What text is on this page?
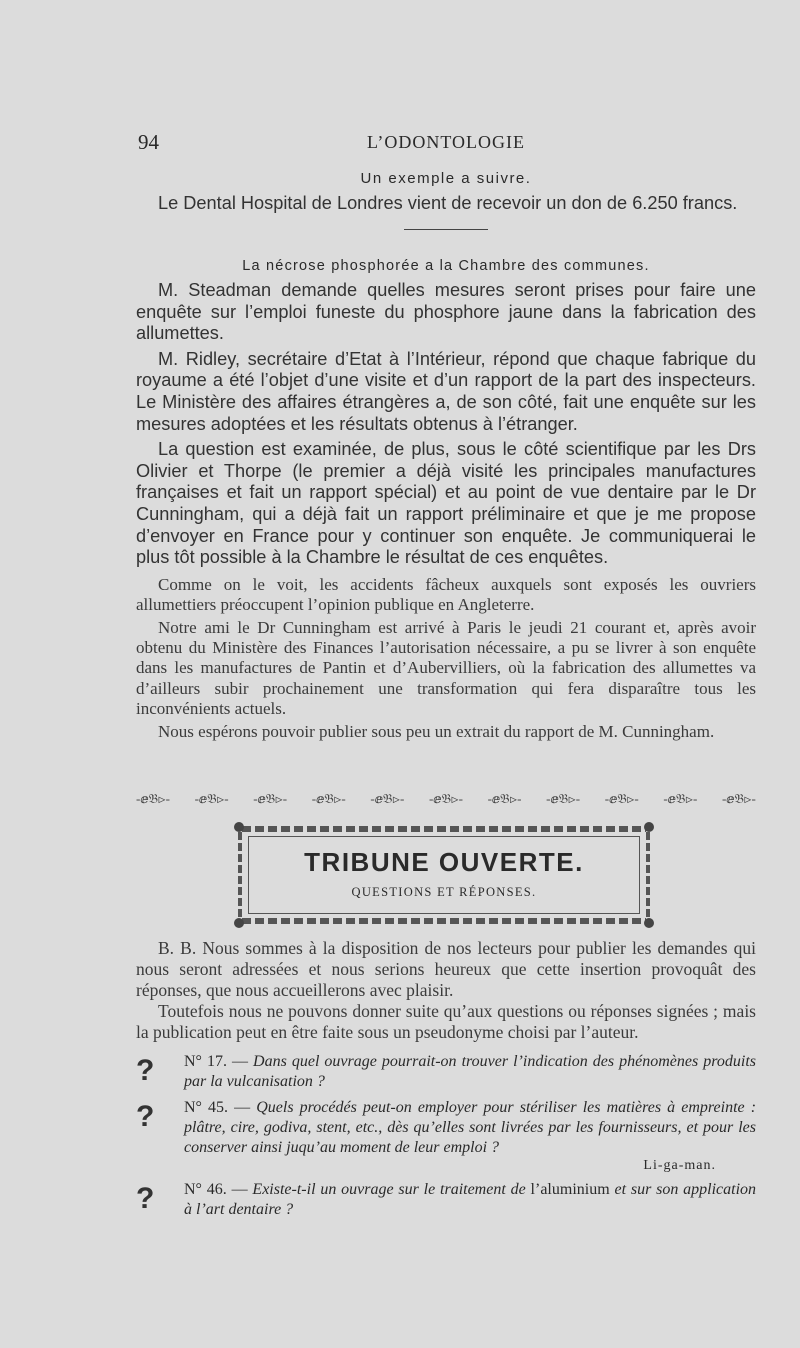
94	L’ODONTOLOGIE
Un exemple a suivre.

Le Dental Hospital de Londres vient de recevoir un don de 6.250 francs.

La nécrose phosphorée a la Chambre des communes.

M. Steadman demande quelles mesures seront prises pour faire une enquête sur l’emploi funeste du phosphore jaune dans la fabrication des allumettes.

M. Ridley, secrétaire d’Etat à l’Intérieur, répond que chaque fabrique du royaume a été l’objet d’une visite et d’un rapport de la part des inspecteurs. Le Ministère des affaires étrangères a, de son côté, fait une enquête sur les mesures adoptées et les résultats obtenus à l’étranger.

La question est examinée, de plus, sous le côté scientifique par les Drs Olivier et Thorpe (le premier a déjà visité les principales manufactures françaises et fait un rapport spécial) et au point de vue dentaire par le Dr Cunningham, qui a déjà fait un rapport préliminaire et que je me propose d’envoyer en France pour y continuer son enquête. Je communiquerai le plus tôt possible à la Chambre le résultat de ces enquêtes.

Comme on le voit, les accidents fâcheux auxquels sont exposés les ouvriers allumettiers préoccupent l’opinion publique en Angleterre.

Notre ami le Dr Cunningham est arrivé à Paris le jeudi 21 courant et, après avoir obtenu du Ministère des Finances l’autorisation nécessaire, a pu se livrer à son enquête dans les manufactures de Pantin et d’Aubervilliers, où la fabrication des allumettes va d’ailleurs subir prochainement une transformation qui fera disparaître tous les inconvénients actuels.

Nous espérons pouvoir publier sous peu un extrait du rapport de M. Cunningham.

-ⅇ𝔅⊳- -ⅇ𝔅⊳- -ⅇ𝔅⊳- -ⅇ𝔅⊳- -ⅇ𝔅⊳- -ⅇ𝔅⊳- -ⅇ𝔅⊳- -ⅇ𝔅⊳- -ⅇ𝔅⊳- -ⅇ𝔅⊳- -ⅇ𝔅⊳-
TRIBUNE OUVERTE.
QUESTIONS ET RÉPONSES.

B. B. Nous sommes à la disposition de nos lecteurs pour publier les demandes qui nous seront adressées et nous serions heureux que cette insertion provoquât des réponses, que nous accueillerons avec plaisir.

Toutefois nous ne pouvons donner suite qu’aux questions ou réponses signées ; mais la publication peut en être faite sous un pseudonyme choisi par l’auteur.

? N° 17. — Dans quel ouvrage pourrait-on trouver l’indication des phénomènes produits par la vulcanisation ?

? N° 45. — Quels procédés peut-on employer pour stériliser les matières à empreinte : plâtre, cire, godiva, stent, etc., dès qu’elles sont livrées par les fournisseurs, et pour les conserver ainsi juqu’au moment de leur emploi ?

Li-ga-man.
? N° 46. — Existe-t-il un ouvrage sur le traitement de l’aluminium et sur son application à l’art dentaire ?
